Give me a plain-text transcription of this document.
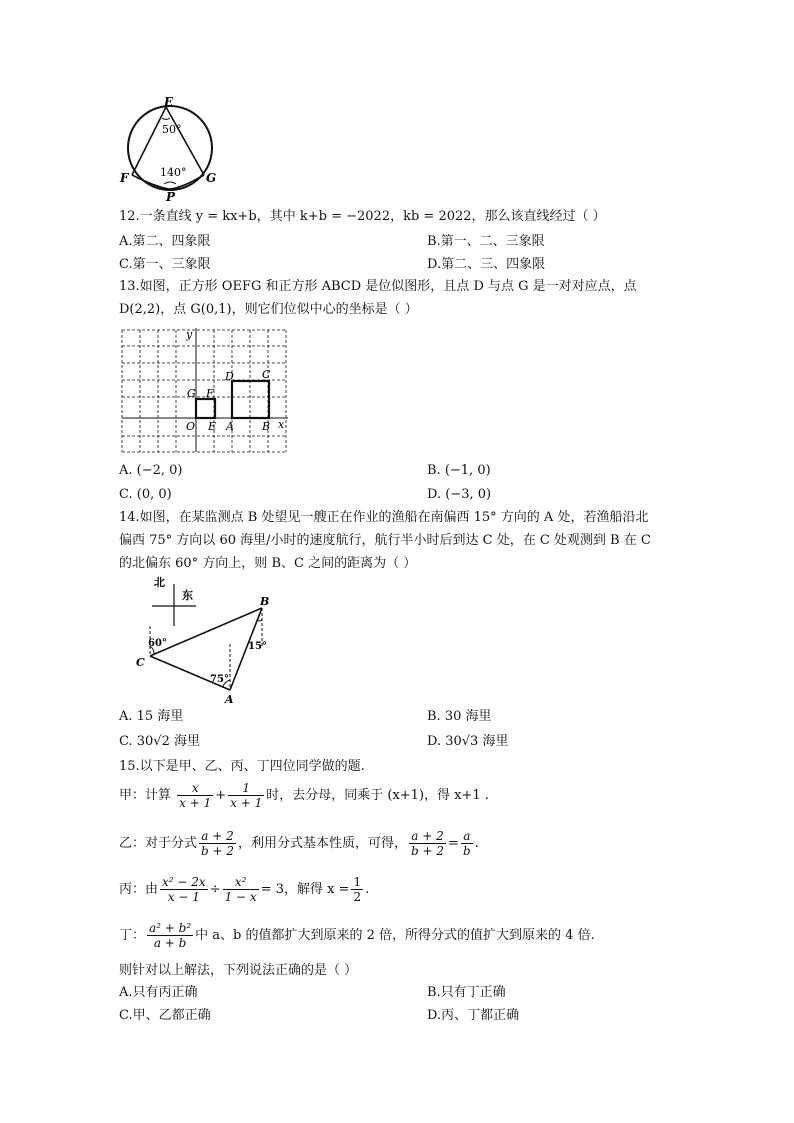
E
50°
140°
F	G
P
12.一条直线 y = kx+b，其中 k+b = −2022，kb = 2022，那么该直线经过（ ）
A.第二、四象限	B.第一、二、三象限
C.第一、三象限	D.第二、三、四象限
13.如图，正方形 OEFG 和正方形 ABCD 是位似图形，且点 D 与点 G 是一对对应点，点
D(2,2)，点 G(0,1)，则它们位似中心的坐标是（ ）
y
x
O E A	B
G F
D	C
A. (−2, 0)	B. (−1, 0)
C. (0, 0)	D. (−3, 0)
14.如图，在某监测点 B 处望见一艘正在作业的渔船在南偏西 15° 方向的 A 处，若渔船沿北
偏西 75° 方向以 60 海里/小时的速度航行，航行半小时后到达 C 处，在 C 处观测到 B 在 C
的北偏东 60° 方向上，则 B、C 之间的距离为（ ）
北
东	B
C
A
60°
75°
15°
A. 15 海里	B. 30 海里
C. 30√2 海里	D. 30√3 海里
15.以下是甲、乙、丙、丁四位同学做的题.
甲：计算 $\frac{x}{x + 1} + \frac{1}{x + 1}$ 时，去分母，同乘于 (x+1)，得 x+1 .
乙：对于分式 $\frac{a + 2}{b + 2}$ ，利用分式基本性质，可得， $\frac{a + 2}{b + 2} = \frac{a}{b}$ .
丙：由 $\frac{\text{x² − 2x}}{x - 1} \div \frac{\text{x²}}{1 - x} = 3$，解得 $x = \frac{1}{2}$ .
丁： $\frac{\text{a² + b²}}{a + b}$ 中 a、b 的值都扩大到原来的 2 倍，所得分式的值扩大到原来的 4 倍.
则针对以上解法，下列说法正确的是（ ）
A.只有丙正确	B.只有丁正确
C.甲、乙都正确	D.丙、丁都正确
